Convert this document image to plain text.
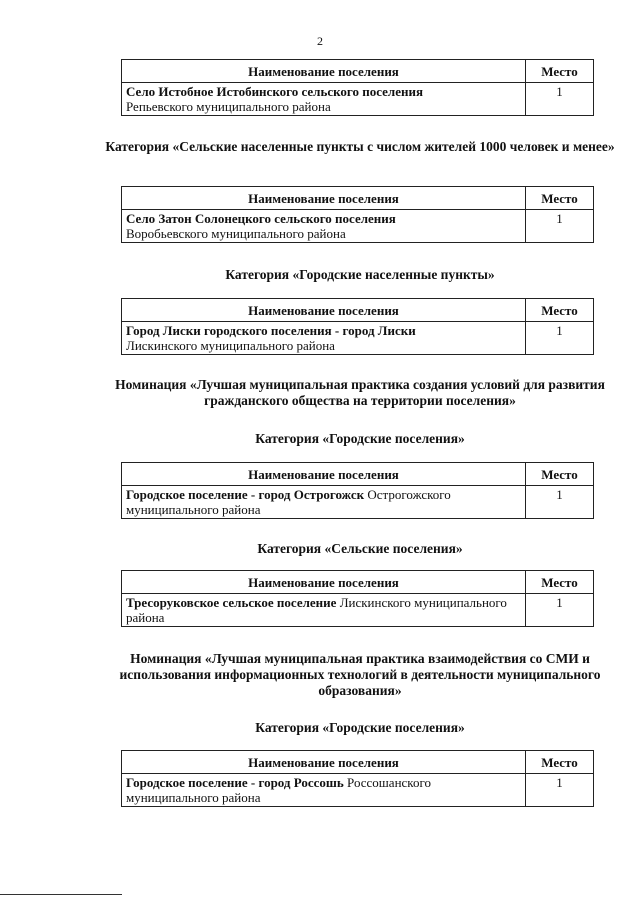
2
Наименование поселения	Место
Село Истобное Истобинского сельского поселения
Репьевского муниципального района	1
Категория «Сельские населенные пункты с числом жителей 1000 человек и менее»
Наименование поселения	Место
Село Затон Солонецкого сельского поселения
Воробьевского муниципального района	1
Категория «Городские населенные пункты»
Наименование поселения	Место
Город Лиски городского поселения - город Лиски
Лискинского муниципального района	1
Номинация «Лучшая муниципальная практика создания условий для развития гражданского общества на территории поселения»
Категория «Городские поселения»
Наименование поселения	Место
Городское поселение - город Острогожск Острогожского муниципального района	1
Категория «Сельские поселения»
Наименование поселения	Место
Тресоруковское сельское поселение Лискинского муниципального района	1
Номинация «Лучшая муниципальная практика взаимодействия со СМИ и использования информационных технологий в деятельности муниципального образования»
Категория «Городские поселения»
Наименование поселения	Место
Городское поселение - город Россошь Россошанского муниципального района	1
